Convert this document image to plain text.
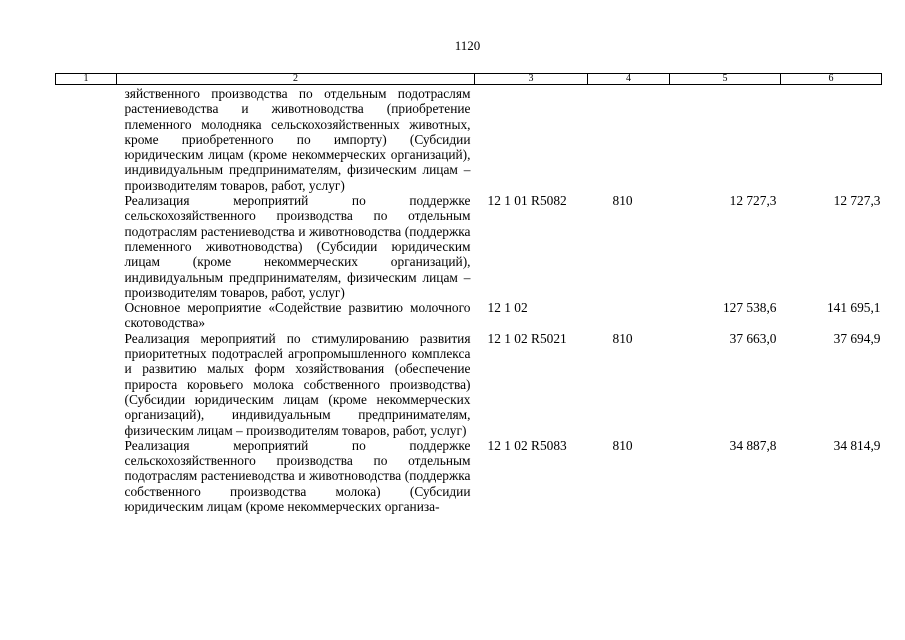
1120
1	2	3	4	5	6
	зяйственного производства по отдельным подотраслям растениеводства и животноводства (приобретение племенного молодняка сельскохозяйственных животных, кроме приобретенного по импорту) (Субсидии юридическим лицам (кроме некоммерческих организаций), индивидуальным предпринимателям, физическим лицам – производителям товаров, работ, услуг)				
	Реализация мероприятий по поддержке сельскохозяйственного производства по отдельным подотраслям растениеводства и животноводства (поддержка племенного животноводства) (Субсидии юридическим лицам (кроме некоммерческих организаций), индивидуальным предпринимателям, физическим лицам – производителям товаров, работ, услуг)	12 1 01 R5082	810	12 727,3	12 727,3
	Основное мероприятие «Содействие развитию молочного скотоводства»	12 1 02		127 538,6	141 695,1
	Реализация мероприятий по стимулированию развития приоритетных подотраслей агропромышленного комплекса и развитию малых форм хозяйствования (обеспечение прироста коровьего молока собственного производства) (Субсидии юридическим лицам (кроме некоммерческих организаций), индивидуальным предпринимателям, физическим лицам – производителям товаров, работ, услуг)	12 1 02 R5021	810	37 663,0	37 694,9
	Реализация мероприятий по поддержке сельскохозяйственного производства по отдельным подотраслям растениеводства и животноводства (поддержка собственного производства молока) (Субсидии юридическим лицам (кроме некоммерческих организа-	12 1 02 R5083	810	34 887,8	34 814,9
